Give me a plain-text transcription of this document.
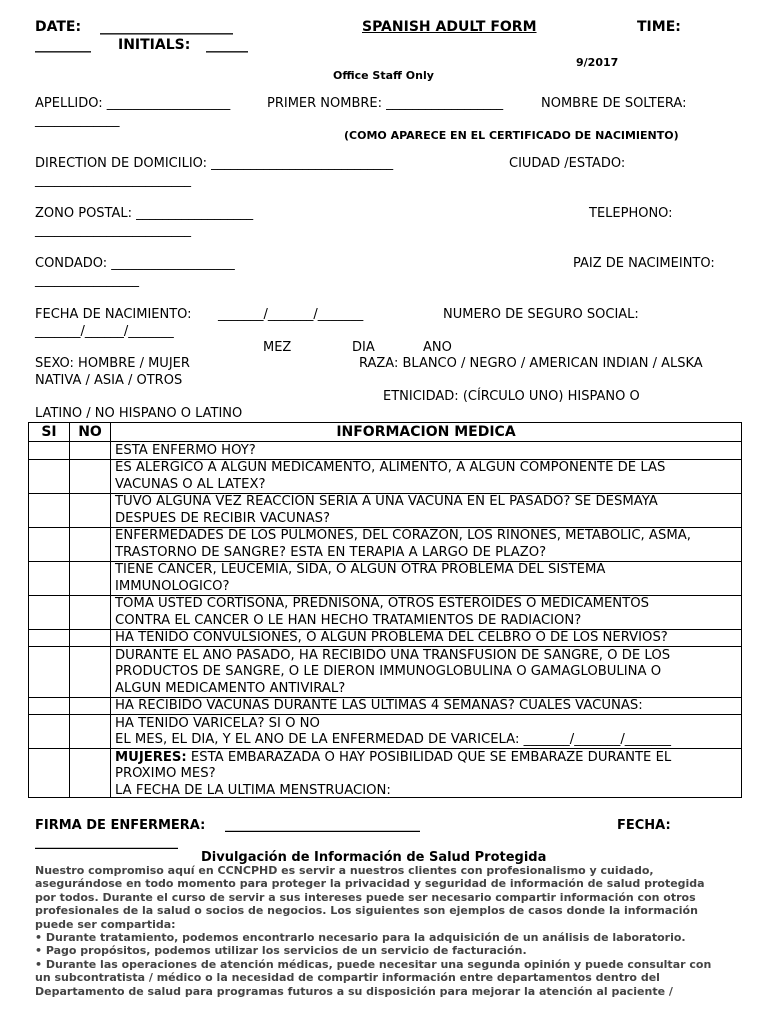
DATE: ___________________	SPANISH ADULT FORM	TIME:
________ INITIALS: ______
9/2017
Office Staff Only
APELLIDO: ___________________	PRIMER NOMBRE: __________________	NOMBRE DE SOLTERA:
_____________
(COMO APARECE EN EL CERTIFICADO DE NACIMIENTO)
DIRECTION DE DOMICILIO: ____________________________	CIUDAD /ESTADO:
________________________
ZONO POSTAL: __________________	TELEPHONO:
________________________
CONDADO: ___________________	PAIZ DE NACIMEINTO:
________________
FECHA DE NACIMIENTO: _______/_______/_______	NUMERO DE SEGURO SOCIAL:
_______/______/_______
MEZ	DIA	ANO
SEXO: HOMBRE / MUJER	RAZA: BLANCO / NEGRO / AMERICAN INDIAN / ALSKA
NATIVA / ASIA / OTROS
ETNICIDAD: (CÍRCULO UNO) HISPANO O
LATINO / NO HISPANO O LATINO
SI	NO	INFORMACION MEDICA
ESTA ENFERMO HOY?
ES ALERGICO A ALGUN MEDICAMENTO, ALIMENTO, A ALGUN COMPONENTE DE LAS
VACUNAS O AL LATEX?
TUVO ALGUNA VEZ REACCION SERIA A UNA VACUNA EN EL PASADO? SE DESMAYA
DESPUES DE RECIBIR VACUNAS?
ENFERMEDADES DE LOS PULMONES, DEL CORAZON, LOS RINONES, METABOLIC, ASMA,
TRASTORNO DE SANGRE? ESTA EN TERAPIA A LARGO DE PLAZO?
TIENE CANCER, LEUCEMIA, SIDA, O ALGUN OTRA PROBLEMA DEL SISTEMA
IMMUNOLOGICO?
TOMA USTED CORTISONA, PREDNISONA, OTROS ESTEROIDES O MEDICAMENTOS
CONTRA EL CANCER O LE HAN HECHO TRATAMIENTOS DE RADIACION?
HA TENIDO CONVULSIONES, O ALGUN PROBLEMA DEL CELBRO O DE LOS NERVIOS?
DURANTE EL ANO PASADO, HA RECIBIDO UNA TRANSFUSION DE SANGRE, O DE LOS
PRODUCTOS DE SANGRE, O LE DIERON IMMUNOGLOBULINA O GAMAGLOBULINA O
ALGUN MEDICAMENTO ANTIVIRAL?
HA RECIBIDO VACUNAS DURANTE LAS ULTIMAS 4 SEMANAS? CUALES VACUNAS:
HA TENIDO VARICELA? SI O NO
EL MES, EL DIA, Y EL ANO DE LA ENFERMEDAD DE VARICELA: _______/_______/_______
MUJERES: ESTA EMBARAZADA O HAY POSIBILIDAD QUE SE EMBARAZE DURANTE EL
PROXIMO MES?
LA FECHA DE LA ULTIMA MENSTRUACION:
FIRMA DE ENFERMERA: ______________________________	FECHA:
______________________
Divulgación de Información de Salud Protegida
Nuestro compromiso aquí en CCNCPHD es servir a nuestros clientes con profesionalismo y cuidado,
asegurándose en todo momento para proteger la privacidad y seguridad de información de salud protegida
por todos. Durante el curso de servir a sus intereses puede ser necesario compartir información con otros
profesionales de la salud o socios de negocios. Los siguientes son ejemplos de casos donde la información
puede ser compartida:
• Durante tratamiento, podemos encontrarlo necesario para la adquisición de un análisis de laboratorio.
• Pago propósitos, podemos utilizar los servicios de un servicio de facturación.
• Durante las operaciones de atención médicas, puede necesitar una segunda opinión y puede consultar con
un subcontratista / médico o la necesidad de compartir información entre departamentos dentro del
Departamento de salud para programas futuros a su disposición para mejorar la atención al paciente /
